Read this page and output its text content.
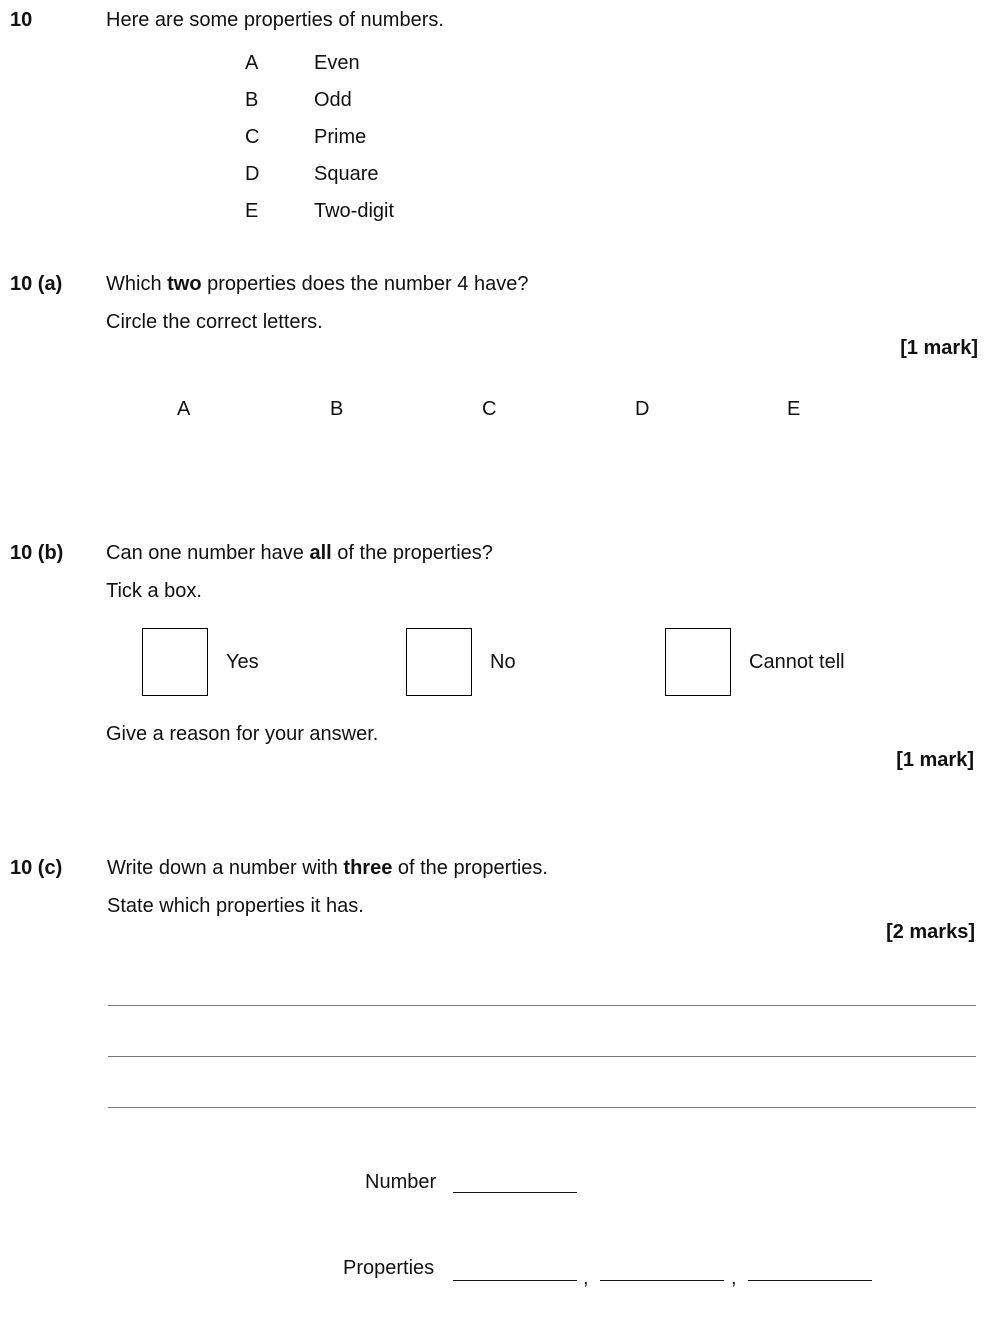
10	Here are some properties of numbers.
A	Even
B	Odd
C	Prime
D	Square
E	Two-digit
10 (a) Which two properties does the number 4 have?
Circle the correct letters.
[1 mark]
A	B	C	D	E
10 (b) Can one number have all of the properties?
Tick a box.
Yes	No	Cannot tell
Give a reason for your answer.
[1 mark]
10 (c) Write down a number with three of the properties.
State which properties it has.
[2 marks]
Number
Properties	,	,
